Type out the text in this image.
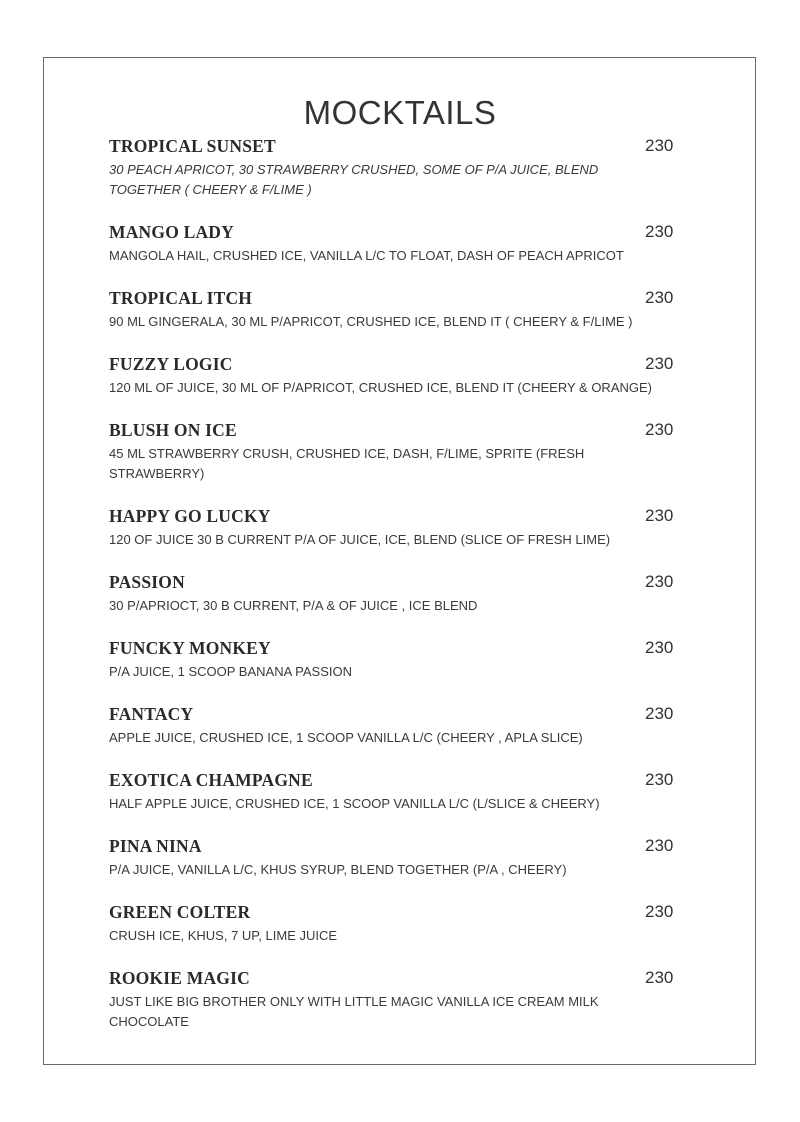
MOCKTAILS
TROPICAL SUNSET	230
30 PEACH APRICOT, 30 STRAWBERRY CRUSHED, SOME OF P/A JUICE, BLEND
TOGETHER ( CHEERY & F/LIME )
MANGO LADY	230
MANGOLA HAIL, CRUSHED ICE, VANILLA L/C TO FLOAT, DASH OF PEACH APRICOT
TROPICAL ITCH	230
90 ML GINGERALA, 30 ML P/APRICOT, CRUSHED ICE, BLEND IT ( CHEERY & F/LIME )
FUZZY LOGIC	230
120 ML OF JUICE, 30 ML OF P/APRICOT, CRUSHED ICE, BLEND IT (CHEERY & ORANGE)
BLUSH ON ICE	230
45 ML STRAWBERRY CRUSH, CRUSHED ICE, DASH, F/LIME, SPRITE (FRESH
STRAWBERRY)
HAPPY GO LUCKY	230
120 OF JUICE 30 B CURRENT P/A OF JUICE, ICE, BLEND (SLICE OF FRESH LIME)
PASSION	230
30 P/APRIOCT, 30 B CURRENT, P/A & OF JUICE , ICE BLEND
FUNCKY MONKEY	230
P/A JUICE, 1 SCOOP BANANA PASSION
FANTACY	230
APPLE JUICE, CRUSHED ICE, 1 SCOOP VANILLA L/C (CHEERY , APLA SLICE)
EXOTICA CHAMPAGNE	230
HALF APPLE JUICE, CRUSHED ICE, 1 SCOOP VANILLA L/C (L/SLICE & CHEERY)
PINA NINA	230
P/A JUICE, VANILLA L/C, KHUS SYRUP, BLEND TOGETHER (P/A , CHEERY)
GREEN COLTER	230
CRUSH ICE, KHUS, 7 UP, LIME JUICE
ROOKIE MAGIC	230
JUST LIKE BIG BROTHER ONLY WITH LITTLE MAGIC VANILLA ICE CREAM MILK
CHOCOLATE
